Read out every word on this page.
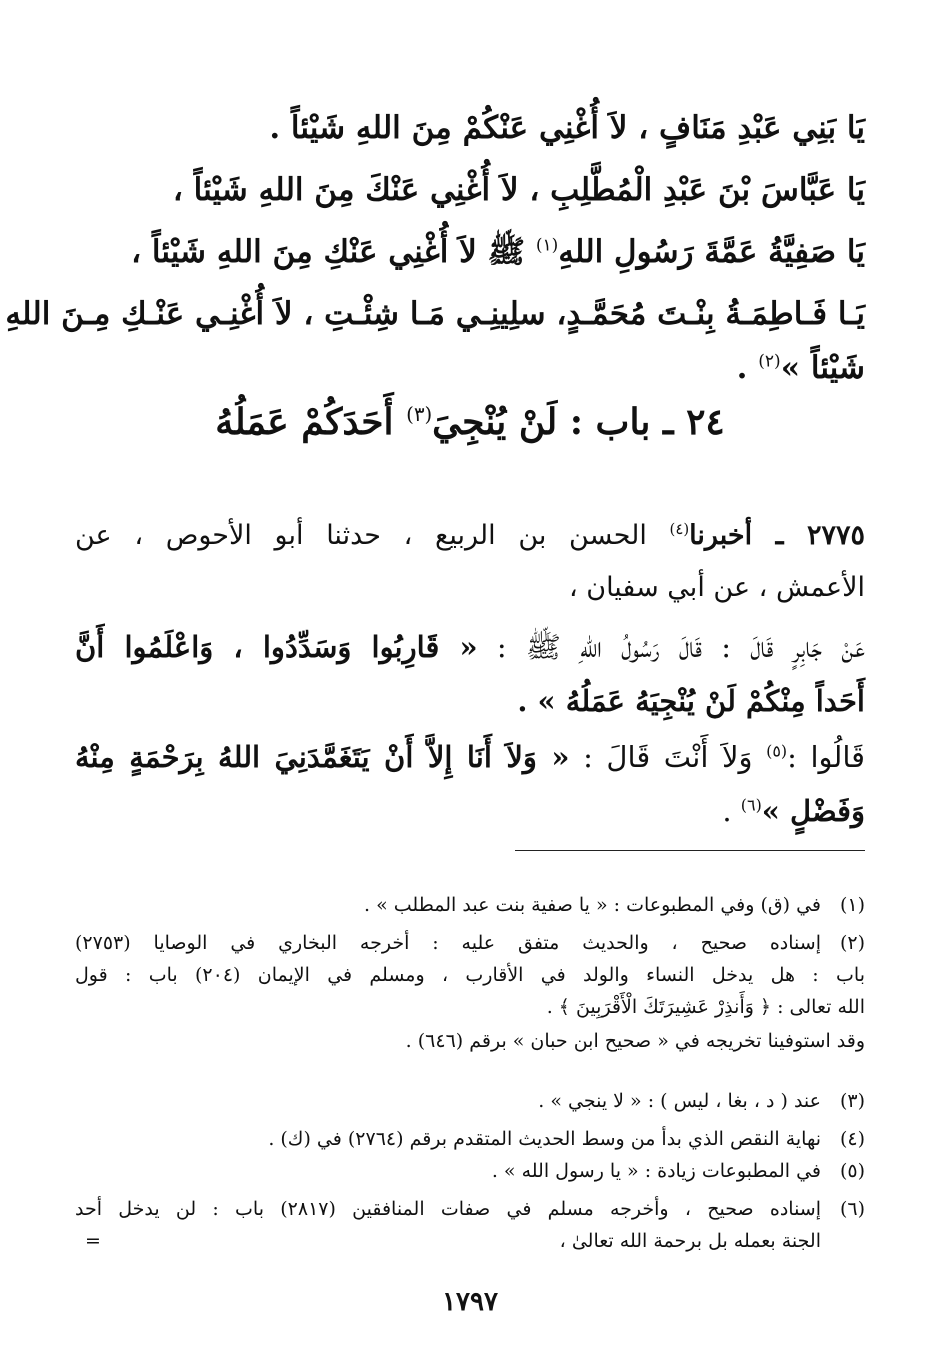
يَا بَنِي عَبْدِ مَنَافٍ ، لاَ أُغْنِي عَنْكُمْ مِنَ اللهِ شَيْئاً .
يَا عَبَّاسَ بْنَ عَبْدِ الْمُطَّلِبِ ، لاَ أُغْنِي عَنْكَ مِنَ اللهِ شَيْئاً ،
يَا صَفِيَّةُ عَمَّةَ رَسُولِ اللهِ$^{(١)}$ ﷺ لاَ أُغْنِي عَنْكِ مِنَ اللهِ شَيْئاً ،
يَـا فَـاطِمَـةُ بِنْـتَ مُحَمَّـدٍ، سلِينِـي مَـا شِئْـتِ ، لاَ أُغْنِـي عَنْـكِ مِـنَ اللهِ
شَيْئاً »$^{(٢)}$ .
٢٤ ـ باب : لَنْ يُنْجِيَ$^{(٣)}$ أَحَدَكُمْ عَمَلُهُ
٢٧٧٥ ـ أخبرنا$^{(٤)}$ الحسن بن الربيع ، حدثنا أبو الأحوص ، عن
الأعمش ، عن أبي سفيان ،
عَنْ جَابِرٍ قَالَ : قَالَ رَسُولُ اللهِ ﷺ : « قَارِبُوا وَسَدِّدُوا ، وَاعْلَمُوا أَنَّ
أَحَداً مِنْكُمْ لَنْ يُنْجِيَهُ عَمَلُهُ » .
قَالُوا :$^{(٥)}$ وَلاَ أَنْتَ قَالَ : « وَلاَ أَنَا إِلاَّ أَنْ يَتَغَمَّدَنِيَ اللهُ بِرَحْمَةٍ مِنْهُ
وَفَضْلٍ »$^{(٦)}$ .
(١)
في (ق) وفي المطبوعات : « يا صفية بنت عبد المطلب » .
(٢)
إسناده صحيح ، والحديث متفق عليه : أخرجه البخاري في الوصايا (٢٧٥٣)
باب : هل يدخل النساء والولد في الأقارب ، ومسلم في الإيمان (٢٠٤) باب : قول
الله تعالى : ﴿ وَأَنذِرْ عَشِيرَتَكَ الْأَقْرَبِينَ ﴾ .
وقد استوفينا تخريجه في « صحيح ابن حبان » برقم (٦٤٦) .
(٣)
عند ( د ، بغا ، ليس ) : « لا ينجي » .
(٤)
نهاية النقص الذي بدأ من وسط الحديث المتقدم برقم (٢٧٦٤) في (ك) .
(٥)
في المطبوعات زيادة : « يا رسول الله » .
(٦)
إسناده صحيح ، وأخرجه مسلم في صفات المنافقين (٢٨١٧) باب : لن يدخل أحد
الجنة بعمله بل برحمة الله تعالىٰ ،
=
١٧٩٧
